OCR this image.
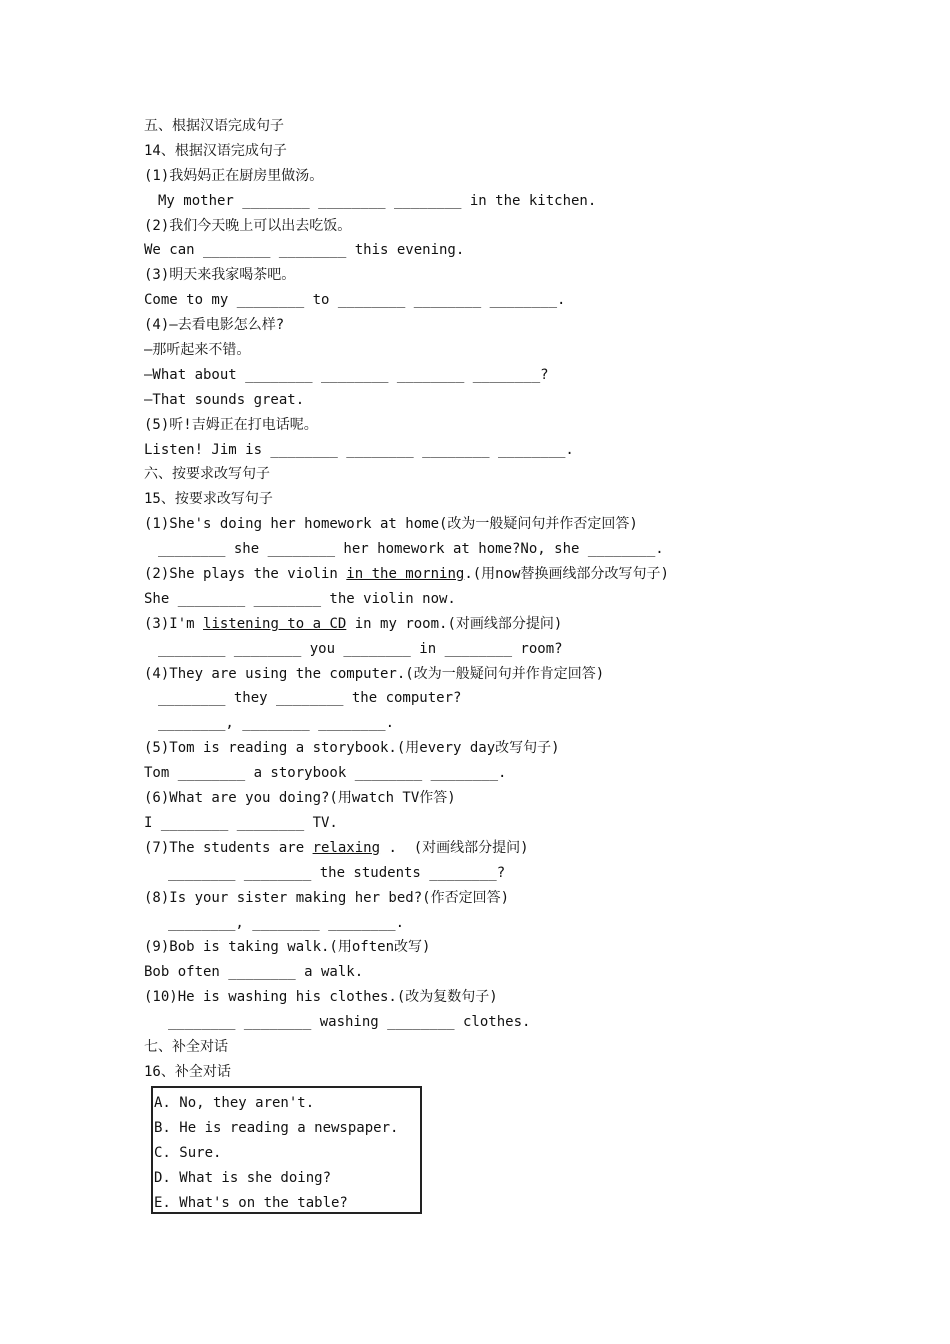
五、根据汉语完成句子
14、根据汉语完成句子
(1)我妈妈正在厨房里做汤。
My mother ________ ________ ________ in the kitchen.
(2)我们今天晚上可以出去吃饭。
We can ________ ________ this evening.
(3)明天来我家喝茶吧。
Come to my ________ to ________ ________ ________.
(4)—去看电影怎么样?
—那听起来不错。
—What about ________ ________ ________ ________?
—That sounds great.
(5)听!吉姆正在打电话呢。
Listen! Jim is ________ ________ ________ ________.
六、按要求改写句子
15、按要求改写句子
(1)She's doing her homework at home(改为一般疑问句并作否定回答)
________ she ________ her homework at home?No, she ________.
(2)She plays the violin in the morning.(用now替换画线部分改写句子)
She ________ ________ the violin now.
(3)I'm listening to a CD in my room.(对画线部分提问)
________ ________ you ________ in ________ room?
(4)They are using the computer.(改为一般疑问句并作肯定回答)
________ they ________ the computer?
________, ________ ________.
(5)Tom is reading a storybook.(用every day改写句子)
Tom ________ a storybook ________ ________.
(6)What are you doing?(用watch TV作答)
I ________ ________ TV.
(7)The students are relaxing .  (对画线部分提问)
________ ________ the students ________?
(8)Is your sister making her bed?(作否定回答)
________, ________ ________.
(9)Bob is taking walk.(用often改写)
Bob often ________ a walk.
(10)He is washing his clothes.(改为复数句子)
________ ________ washing ________ clothes.
七、补全对话
16、补全对话
A. No, they aren't.
B. He is reading a newspaper.
C. Sure.
D. What is she doing?
E. What's on the table?
